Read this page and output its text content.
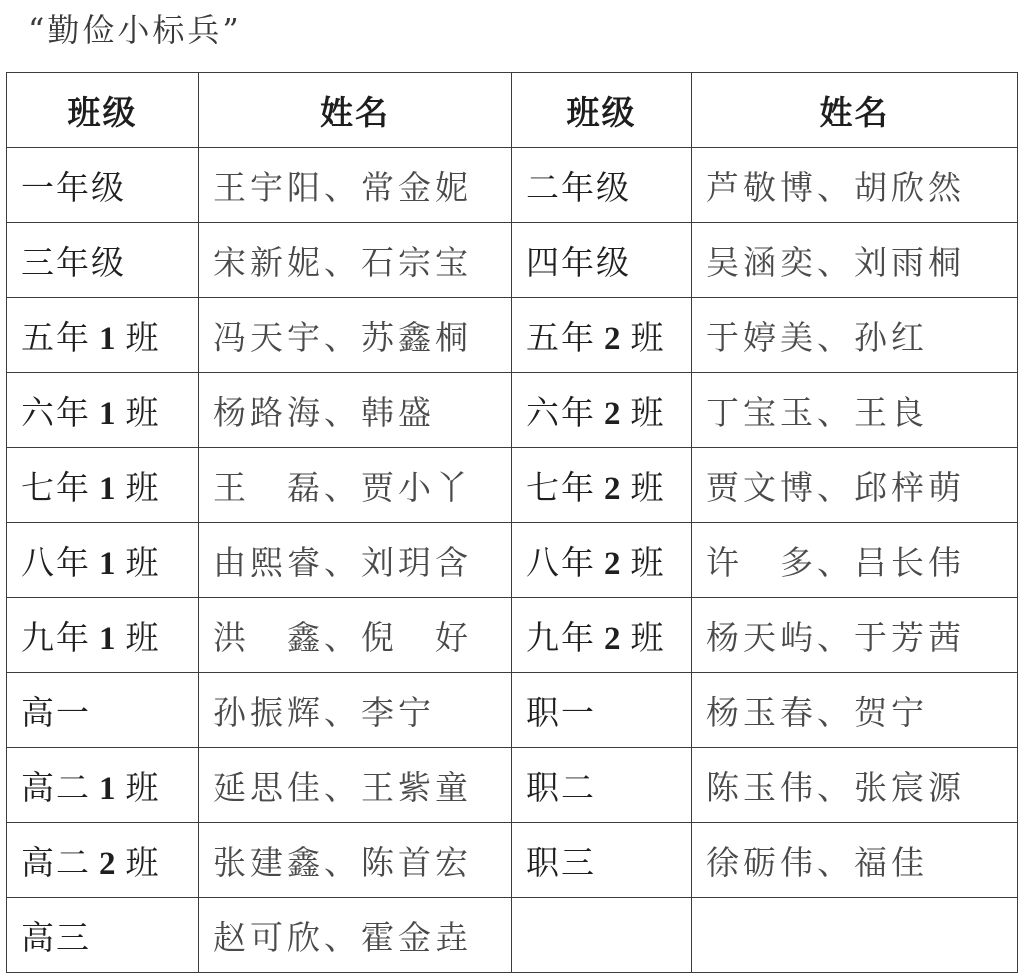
“勤俭小标兵”
班级	姓名	班级	姓名
一年级	王宇阳、常金妮	二年级	芦敬博、胡欣然
三年级	宋新妮、石宗宝	四年级	吴涵奕、刘雨桐
五年 1 班	冯天宇、苏鑫桐	五年 2 班	于婷美、孙红
六年 1 班	杨路海、韩盛	六年 2 班	丁宝玉、王良
七年 1 班	王　磊、贾小丫	七年 2 班	贾文博、邱梓萌
八年 1 班	由熙睿、刘玥含	八年 2 班	许　多、吕长伟
九年 1 班	洪　鑫、倪　好	九年 2 班	杨天屿、于芳茜
高一	孙振辉、李宁	职一	杨玉春、贺宁
高二 1 班	延思佳、王紫童	职二	陈玉伟、张宸源
高二 2 班	张建鑫、陈首宏	职三	徐砺伟、福佳
高三	赵可欣、霍金垚		
